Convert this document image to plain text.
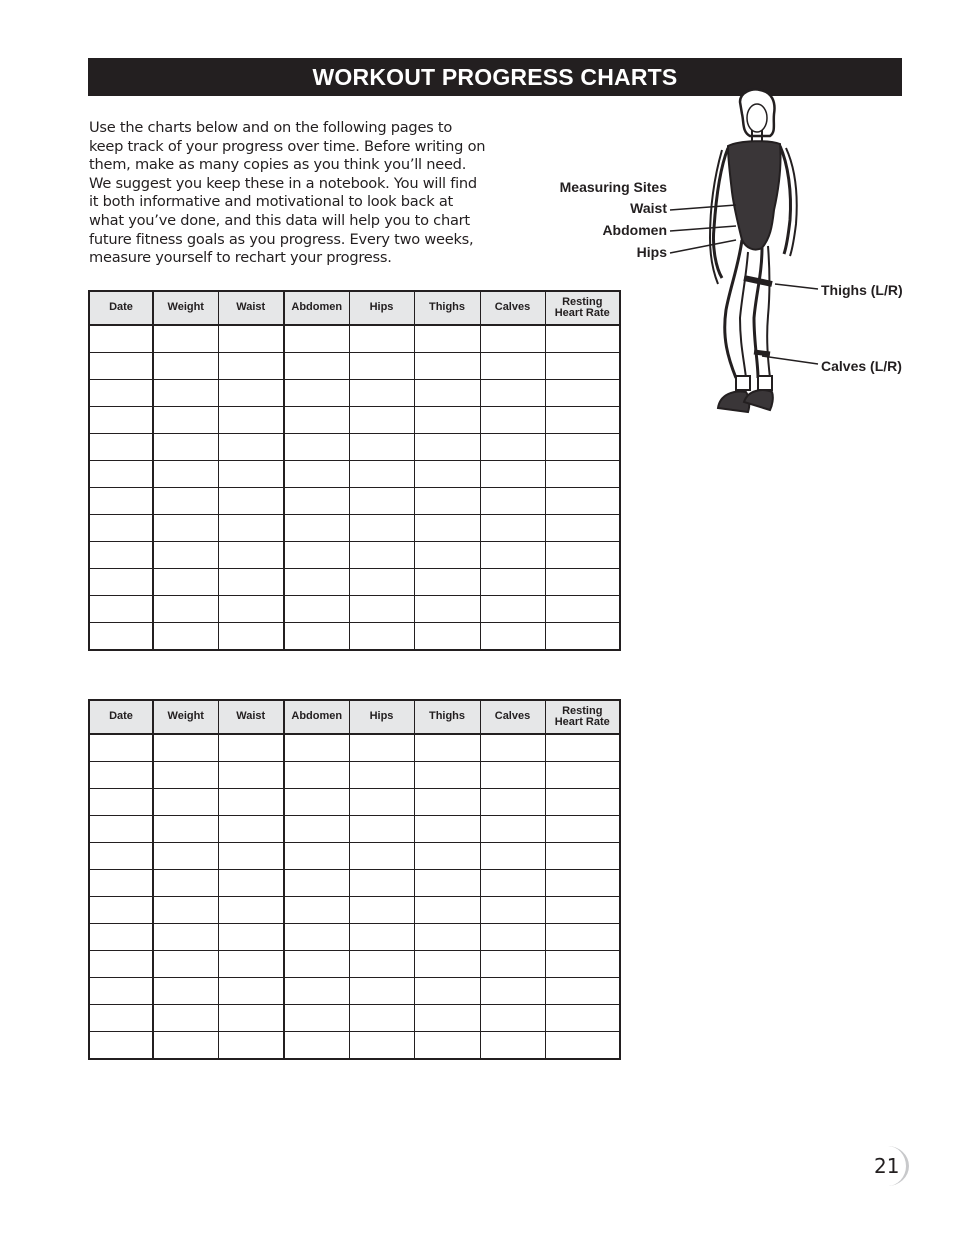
WORKOUT PROGRESS CHARTS

Use the charts below and on the following pages to
keep track of your progress over time. Before writing on
them, make as many copies as you think you’ll need.
We suggest you keep these in a notebook. You will find
it both informative and motivational to look back at
what you’ve done, and this data will help you to chart
future fitness goals as you progress. Every two weeks,
measure yourself to rechart your progress.

Measuring Sites
Waist
Abdomen
Hips
Thighs (L/R)
Calves (L/R)
Date	Weight	Waist	Abdomen	Hips	Thighs	Calves	Resting
Heart Rate

Date	Weight	Waist	Abdomen	Hips	Thighs	Calves	Resting
Heart Rate

21
